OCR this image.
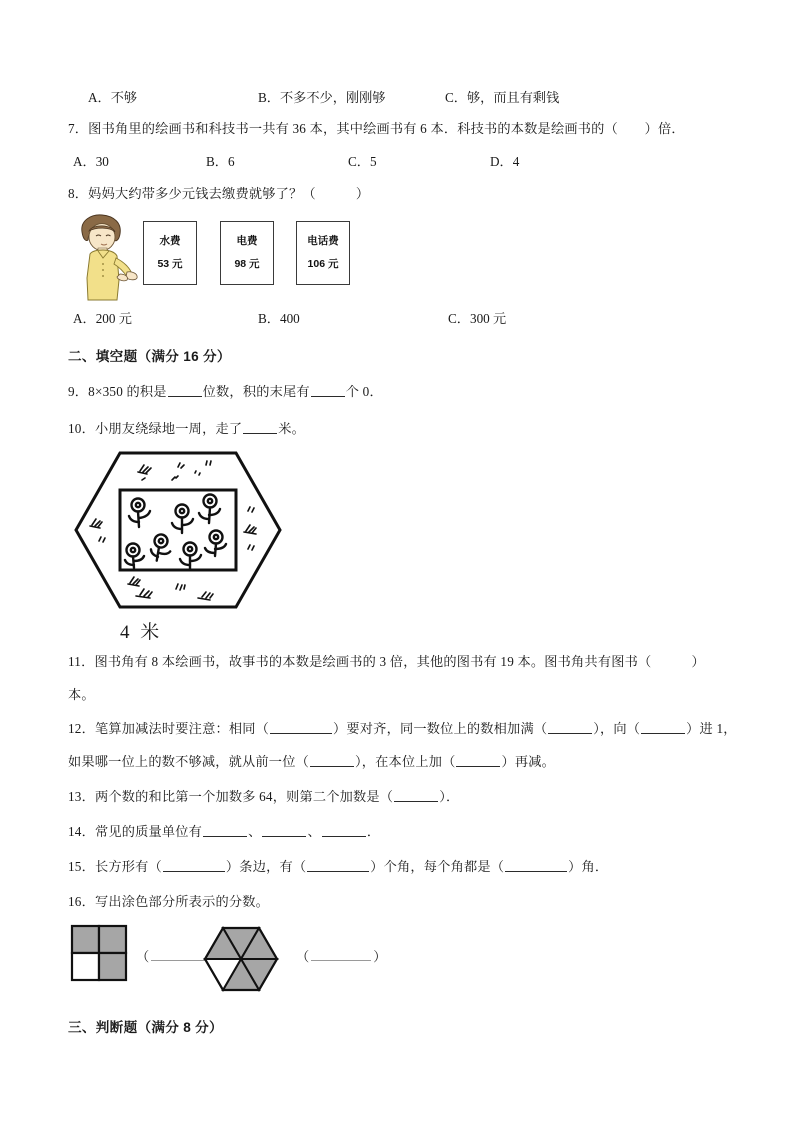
A．不够	B．不多不少，刚刚够	C．够，而且有剩钱
7．图书角里的绘画书和科技书一共有 36 本，其中绘画书有 6 本．科技书的本数是绘画书的（　　）倍．
A．30	B．6	C．5	D．4
8．妈妈大约带多少元钱去缴费就够了？（　　　）
水费
53 元
电费
98 元
电话费
106 元
A．200 元	B．400	C．300 元
二、填空题（满分 16 分）
9．8×350 的积是	位数，积的末尾有	个 0．
10．小朋友绕绿地一周，走了	米。
4 米
11．图书角有 8 本绘画书，故事书的本数是绘画书的 3 倍，其他的图书有 19 本。图书角共有图书（　　　）
本。
12．笔算加减法时要注意：相同（	）要对齐，同一数位上的数相加满（	），向（	）进 1，
如果哪一位上的数不够减，就从前一位（	），在本位上加（	）再减。
13．两个数的和比第一个加数多 64，则第二个加数是（	）．
14．常见的质量单位有	、	、	．
15．长方形有（	）条边，有（	）个角，每个角都是（	）角．
16．写出涂色部分所表示的分数。
（	（	）
三、判断题（满分 8 分）
